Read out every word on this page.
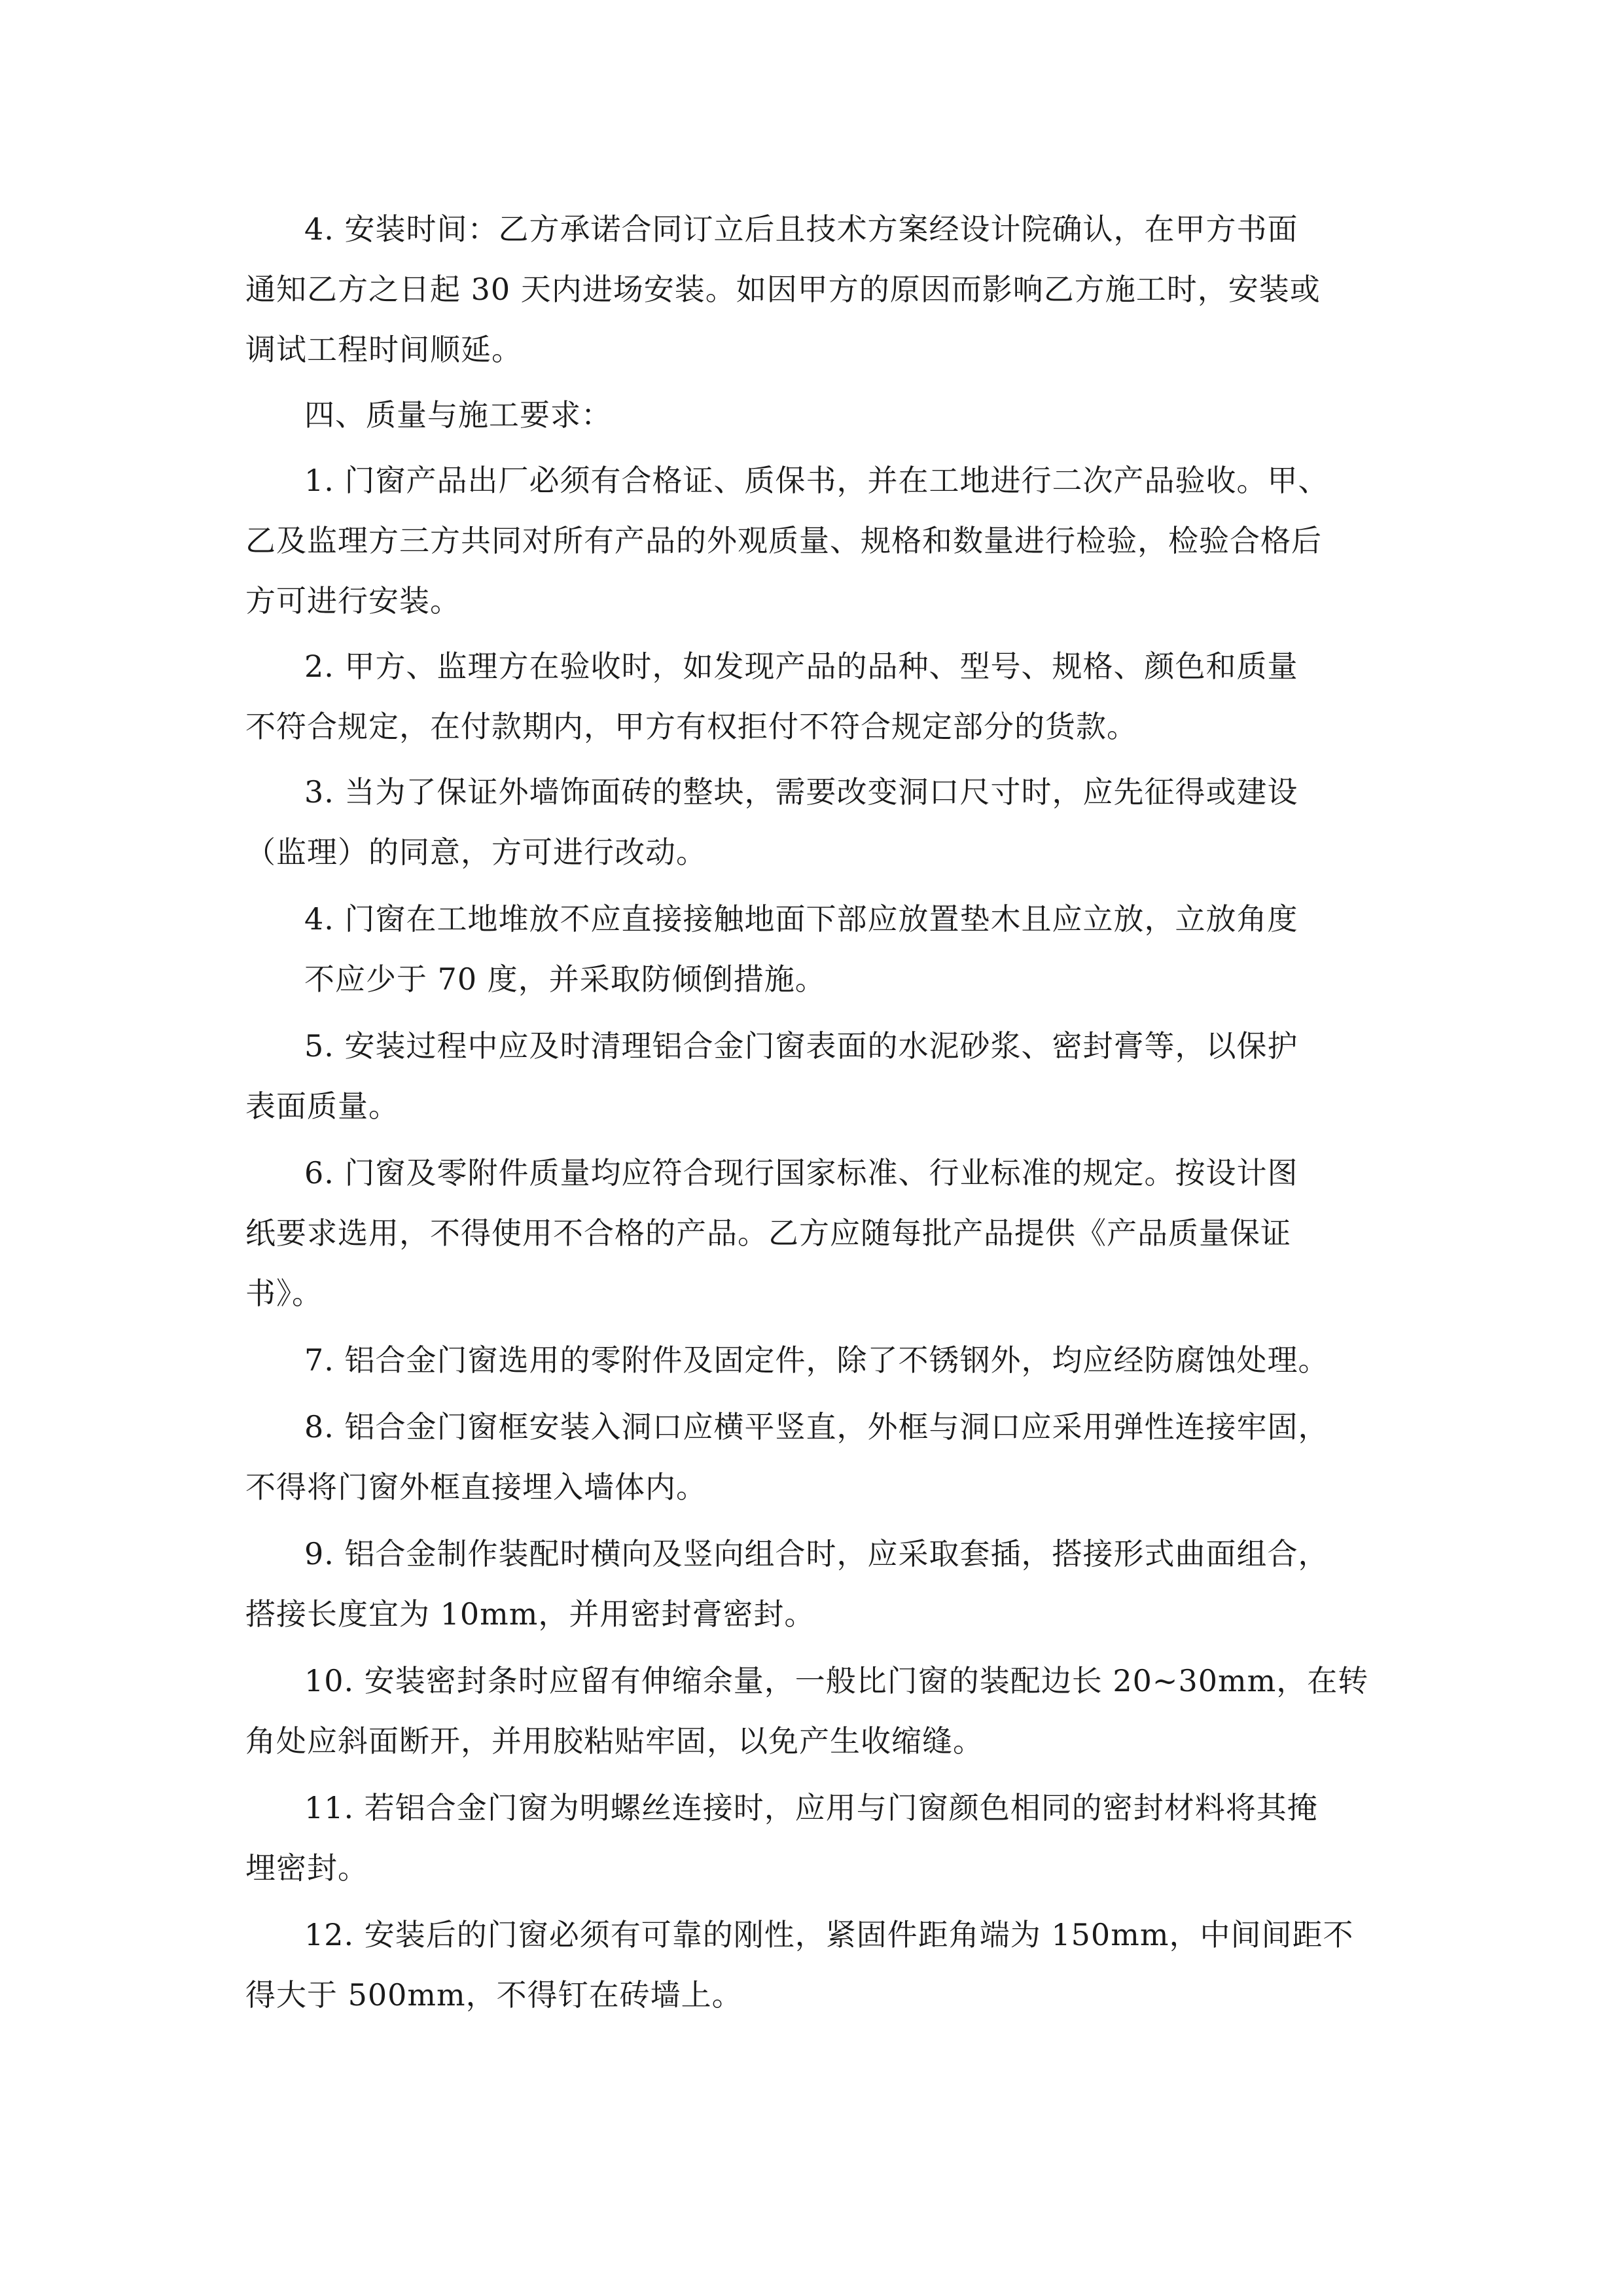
4. 安装时间：乙方承诺合同订立后且技术方案经设计院确认，在甲方书面
通知乙方之日起 30 天内进场安装。如因甲方的原因而影响乙方施工时，安装或
调试工程时间顺延。
四、质量与施工要求：
1. 门窗产品出厂必须有合格证、质保书，并在工地进行二次产品验收。甲、
乙及监理方三方共同对所有产品的外观质量、规格和数量进行检验，检验合格后
方可进行安装。
2. 甲方、监理方在验收时，如发现产品的品种、型号、规格、颜色和质量
不符合规定，在付款期内，甲方有权拒付不符合规定部分的货款。
3. 当为了保证外墙饰面砖的整块，需要改变洞口尺寸时，应先征得或建设
（监理）的同意，方可进行改动。
4. 门窗在工地堆放不应直接接触地面下部应放置垫木且应立放，立放角度
不应少于 70 度，并采取防倾倒措施。
5. 安装过程中应及时清理铝合金门窗表面的水泥砂浆、密封膏等，以保护
表面质量。
6. 门窗及零附件质量均应符合现行国家标准、行业标准的规定。按设计图
纸要求选用，不得使用不合格的产品。乙方应随每批产品提供《产品质量保证
书》。
7. 铝合金门窗选用的零附件及固定件，除了不锈钢外，均应经防腐蚀处理。
8. 铝合金门窗框安装入洞口应横平竖直，外框与洞口应采用弹性连接牢固，
不得将门窗外框直接埋入墙体内。
9. 铝合金制作装配时横向及竖向组合时，应采取套插，搭接形式曲面组合，
搭接长度宜为 10mm，并用密封膏密封。
10. 安装密封条时应留有伸缩余量，一般比门窗的装配边长 20~30mm，在转
角处应斜面断开，并用胶粘贴牢固，以免产生收缩缝。
11. 若铝合金门窗为明螺丝连接时，应用与门窗颜色相同的密封材料将其掩
埋密封。
12. 安装后的门窗必须有可靠的刚性，紧固件距角端为 150mm，中间间距不
得大于 500mm，不得钉在砖墙上。
